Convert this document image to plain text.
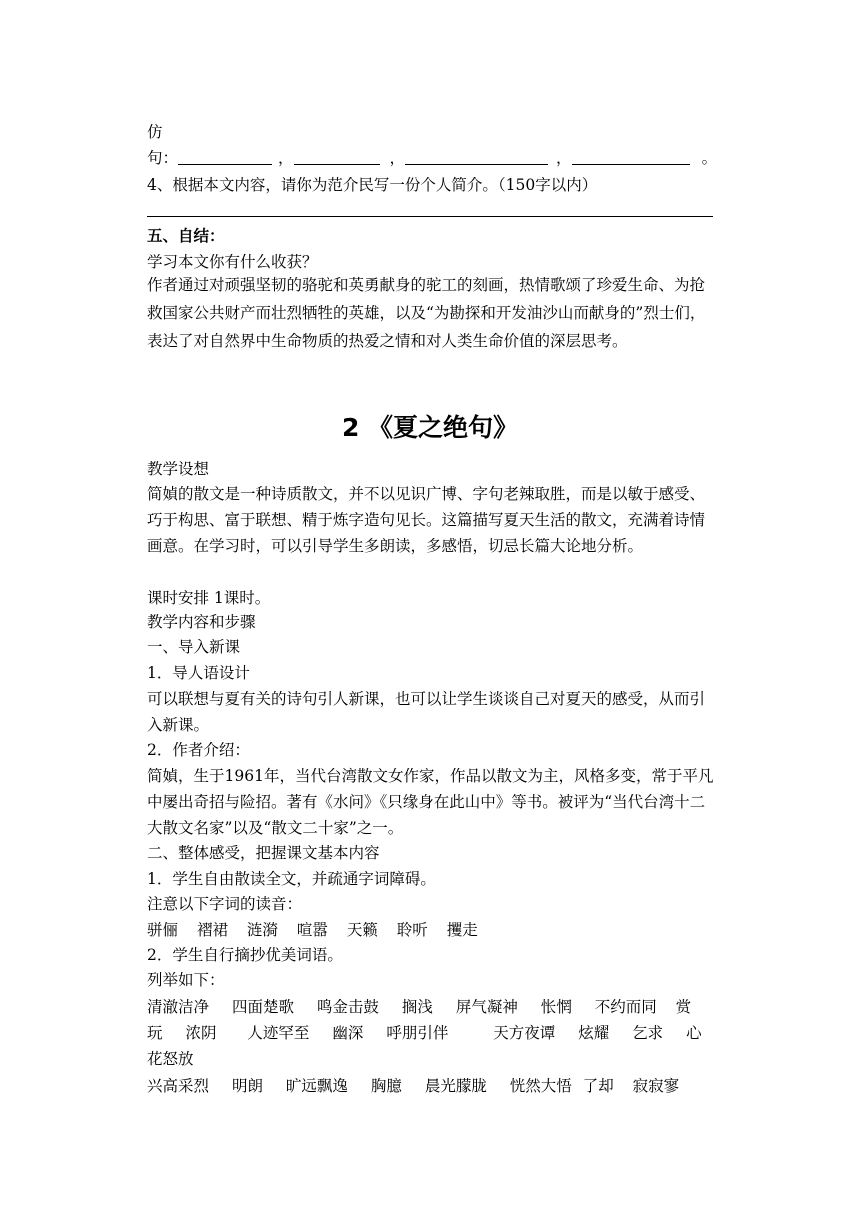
仿
句：	，	，	，	。
4、根据本文内容，请你为范介民写一份个人简介。（150字以内）
五、自结：
学习本文你有什么收获？
作者通过对顽强坚韧的骆驼和英勇献身的驼工的刻画，热情歌颂了珍爱生命、为抢救国家公共财产而壮烈牺牲的英雄，以及“为勘探和开发油沙山而献身的”烈士们，表达了对自然界中生命物质的热爱之情和对人类生命价值的深层思考。
2 《夏之绝句》
教学设想
简媜的散文是一种诗质散文，并不以见识广博、字句老辣取胜，而是以敏于感受、巧于构思、富于联想、精于炼字造句见长。这篇描写夏天生活的散文，充满着诗情画意。在学习时，可以引导学生多朗读，多感悟，切忌长篇大论地分析。
课时安排 1课时。
教学内容和步骤
一、导入新课
1．导人语设计
可以联想与夏有关的诗句引人新课，也可以让学生谈谈自己对夏天的感受，从而引入新课。
2．作者介绍：
简媜，生于1961年，当代台湾散文女作家，作品以散文为主，风格多变，常于平凡中屡出奇招与险招。著有《水问》《只缘身在此山中》等书。被评为“当代台湾十二大散文名家”以及“散文二十家”之一。
二、整体感受，把握课文基本内容
1．学生自由散读全文，并疏通字词障碍。
注意以下字词的读音：
骈俪 褶裙 涟漪 喧嚣 天籁 聆听 攫走
2．学生自行摘抄优美词语。
列举如下：
清澈洁净 四面楚歌 鸣金击鼓 搁浅 屏气凝神 怅惘 不约而同 赏
玩 浓阴 人迹罕至 幽深 呼朋引伴	天方夜谭 炫耀 乞求 心
花怒放
兴高采烈 明朗 旷远飘逸 胸臆 晨光朦胧 恍然大悟 了却 寂寂寥
